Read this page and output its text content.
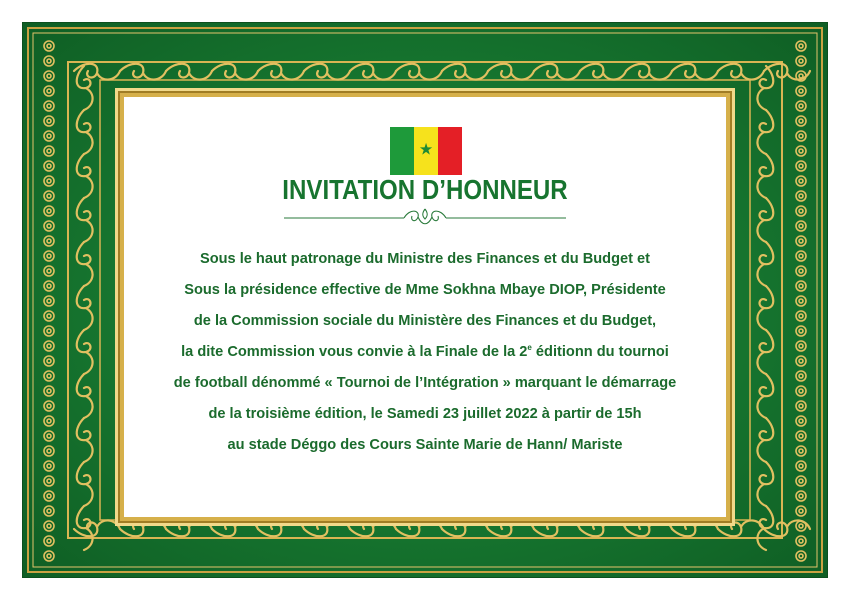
★
INVITATION D’HONNEUR
Sous le haut patronage du Ministre des Finances et du Budget et
Sous la présidence effective de Mme Sokhna Mbaye DIOP, Présidente
de la Commission sociale du Ministère des Finances et du Budget,
la dite Commission vous convie à la Finale de la 2e éditionn du tournoi
de football dénommé « Tournoi de l’Intégration » marquant le démarrage
de la troisième édition, le Samedi 23 juillet 2022 à partir de 15h
au stade Déggo des Cours Sainte Marie de Hann/ Mariste
